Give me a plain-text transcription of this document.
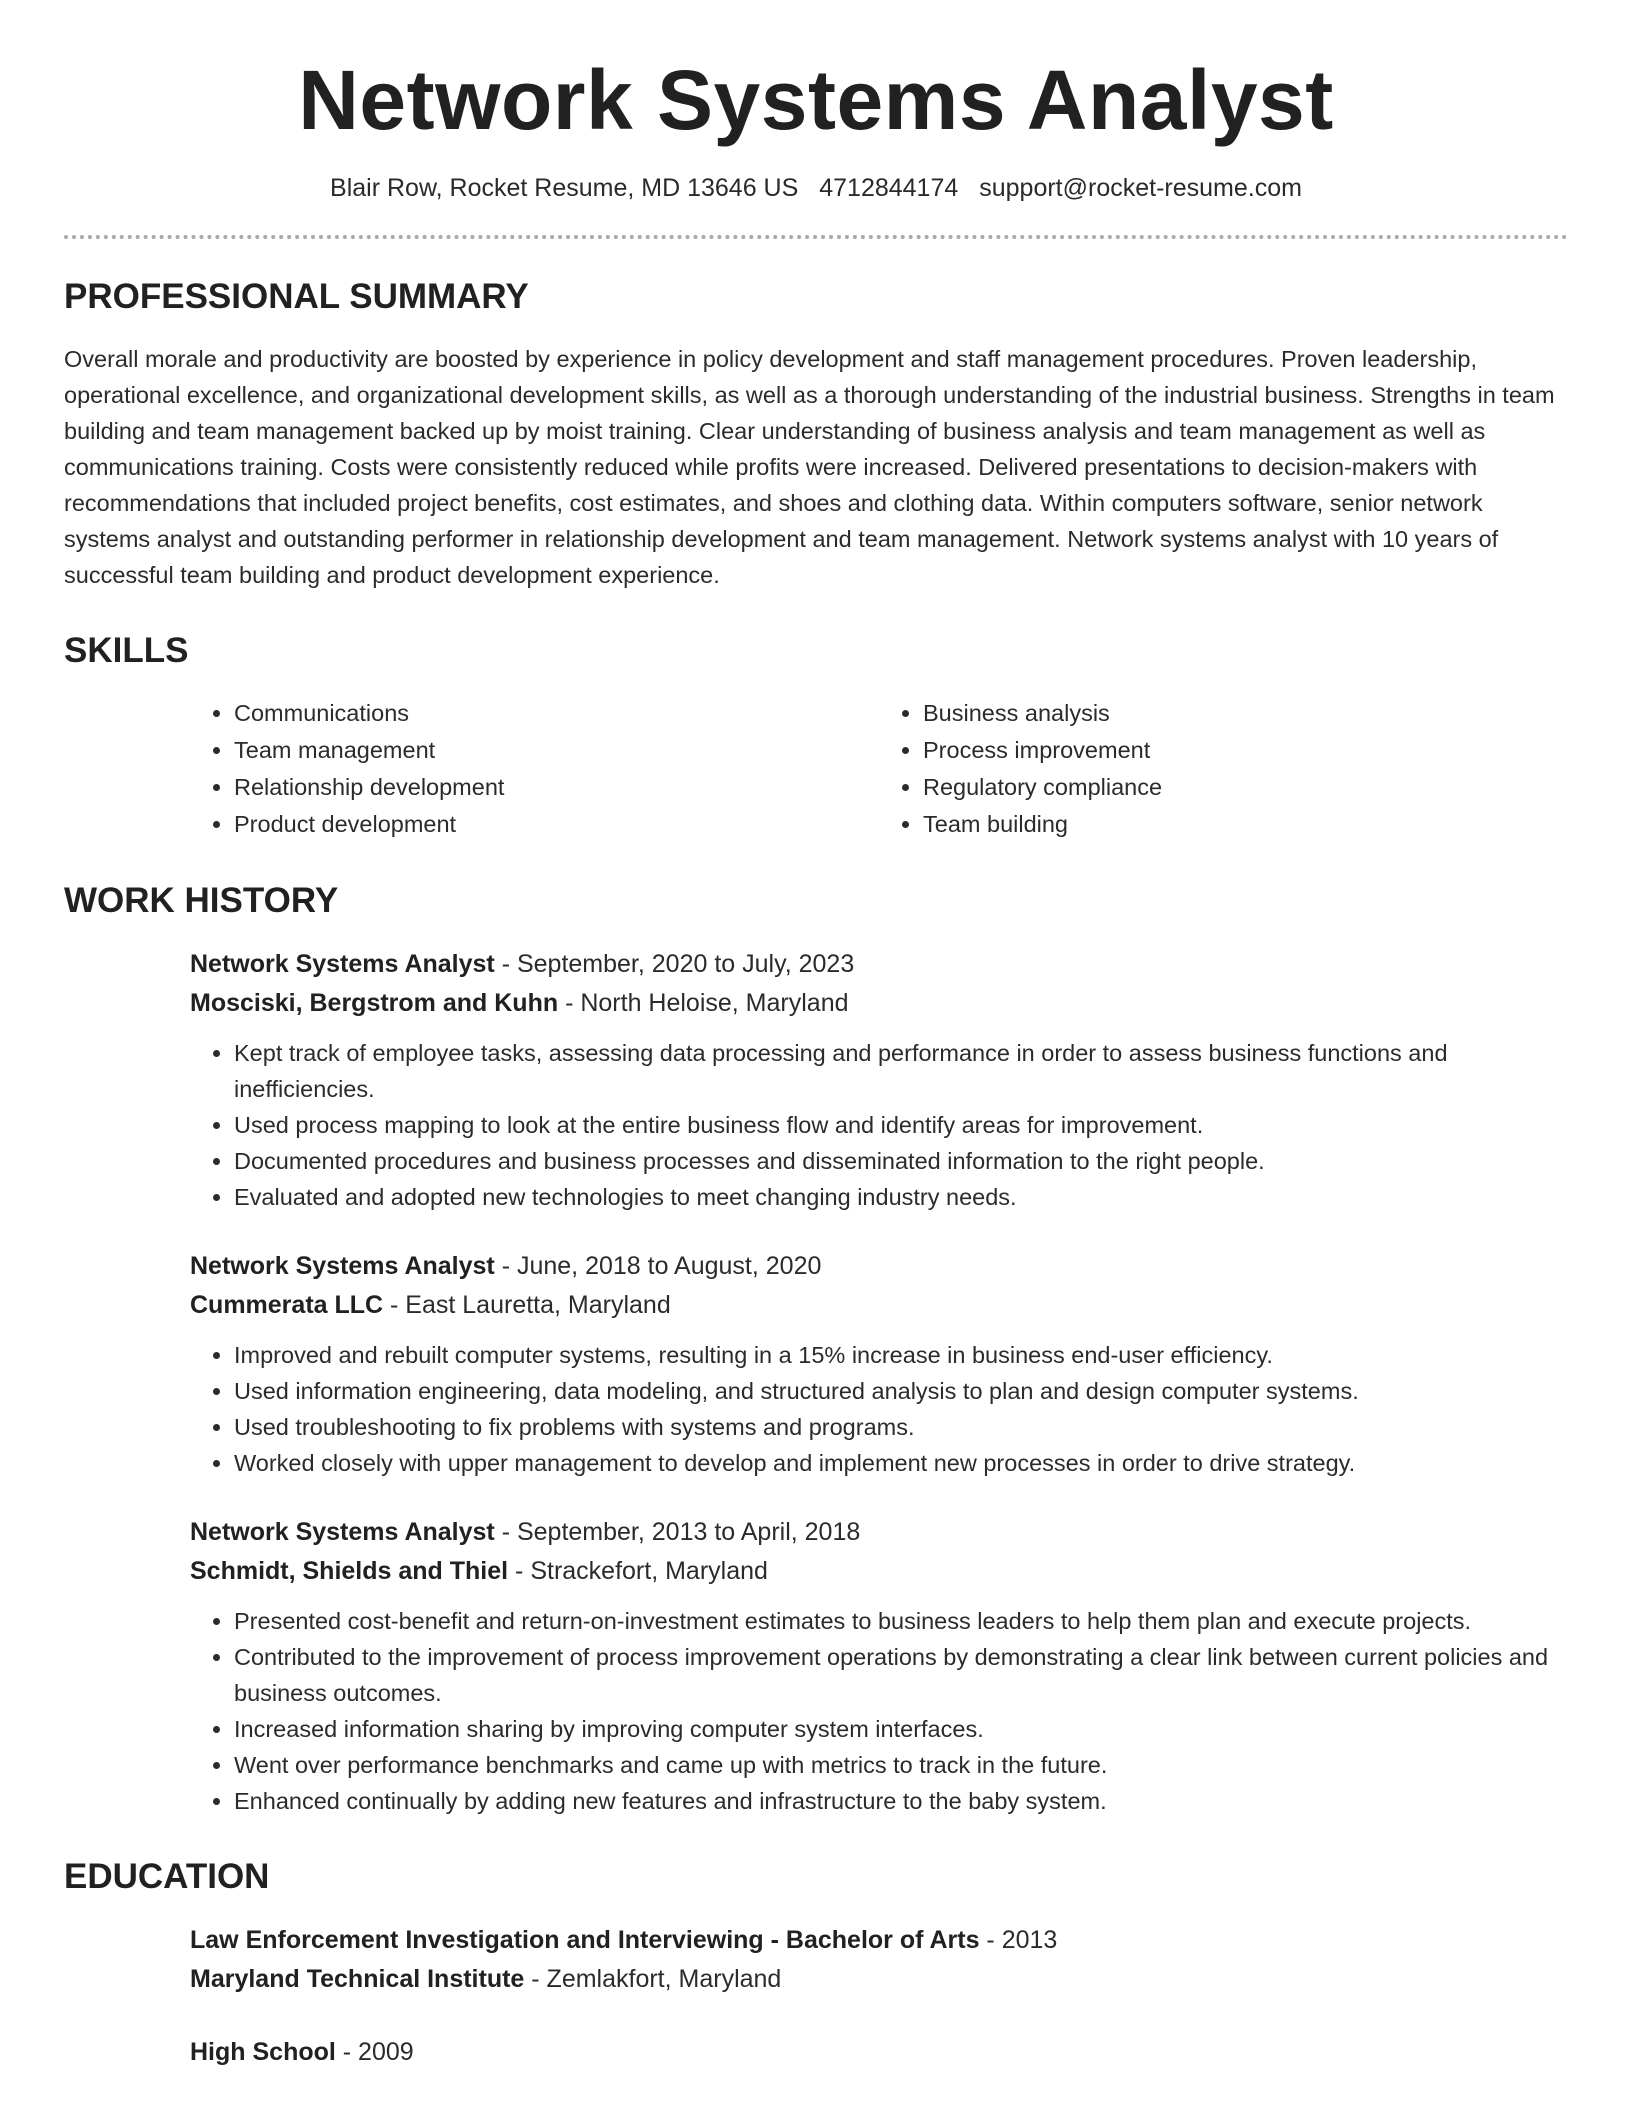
Network Systems Analyst
Blair Row, Rocket Resume, MD 13646 US 4712844174 support@rocket-resume.com
PROFESSIONAL SUMMARY

Overall morale and productivity are boosted by experience in policy development and staff management procedures. Proven leadership, operational excellence, and organizational development skills, as well as a thorough understanding of the industrial business. Strengths in team building and team management backed up by moist training. Clear understanding of business analysis and team management as well as communications training. Costs were consistently reduced while profits were increased. Delivered presentations to decision-makers with recommendations that included project benefits, cost estimates, and shoes and clothing data. Within computers software, senior network systems analyst and outstanding performer in relationship development and team management. Network systems analyst with 10 years of successful team building and product development experience.

SKILLS
• Communications
• Team management
• Relationship development
• Product development
• Business analysis
• Process improvement
• Regulatory compliance
• Team building
WORK HISTORY
Network Systems Analyst - September, 2020 to July, 2023
Mosciski, Bergstrom and Kuhn - North Heloise, Maryland
• Kept track of employee tasks, assessing data processing and performance in order to assess business functions and inefficiencies.
• Used process mapping to look at the entire business flow and identify areas for improvement.
• Documented procedures and business processes and disseminated information to the right people.
• Evaluated and adopted new technologies to meet changing industry needs.
Network Systems Analyst - June, 2018 to August, 2020
Cummerata LLC - East Lauretta, Maryland
• Improved and rebuilt computer systems, resulting in a 15% increase in business end-user efficiency.
• Used information engineering, data modeling, and structured analysis to plan and design computer systems.
• Used troubleshooting to fix problems with systems and programs.
• Worked closely with upper management to develop and implement new processes in order to drive strategy.
Network Systems Analyst - September, 2013 to April, 2018
Schmidt, Shields and Thiel - Strackefort, Maryland
• Presented cost-benefit and return-on-investment estimates to business leaders to help them plan and execute projects.
• Contributed to the improvement of process improvement operations by demonstrating a clear link between current policies and business outcomes.
• Increased information sharing by improving computer system interfaces.
• Went over performance benchmarks and came up with metrics to track in the future.
• Enhanced continually by adding new features and infrastructure to the baby system.
EDUCATION
Law Enforcement Investigation and Interviewing - Bachelor of Arts - 2013
Maryland Technical Institute - Zemlakfort, Maryland
High School - 2009
